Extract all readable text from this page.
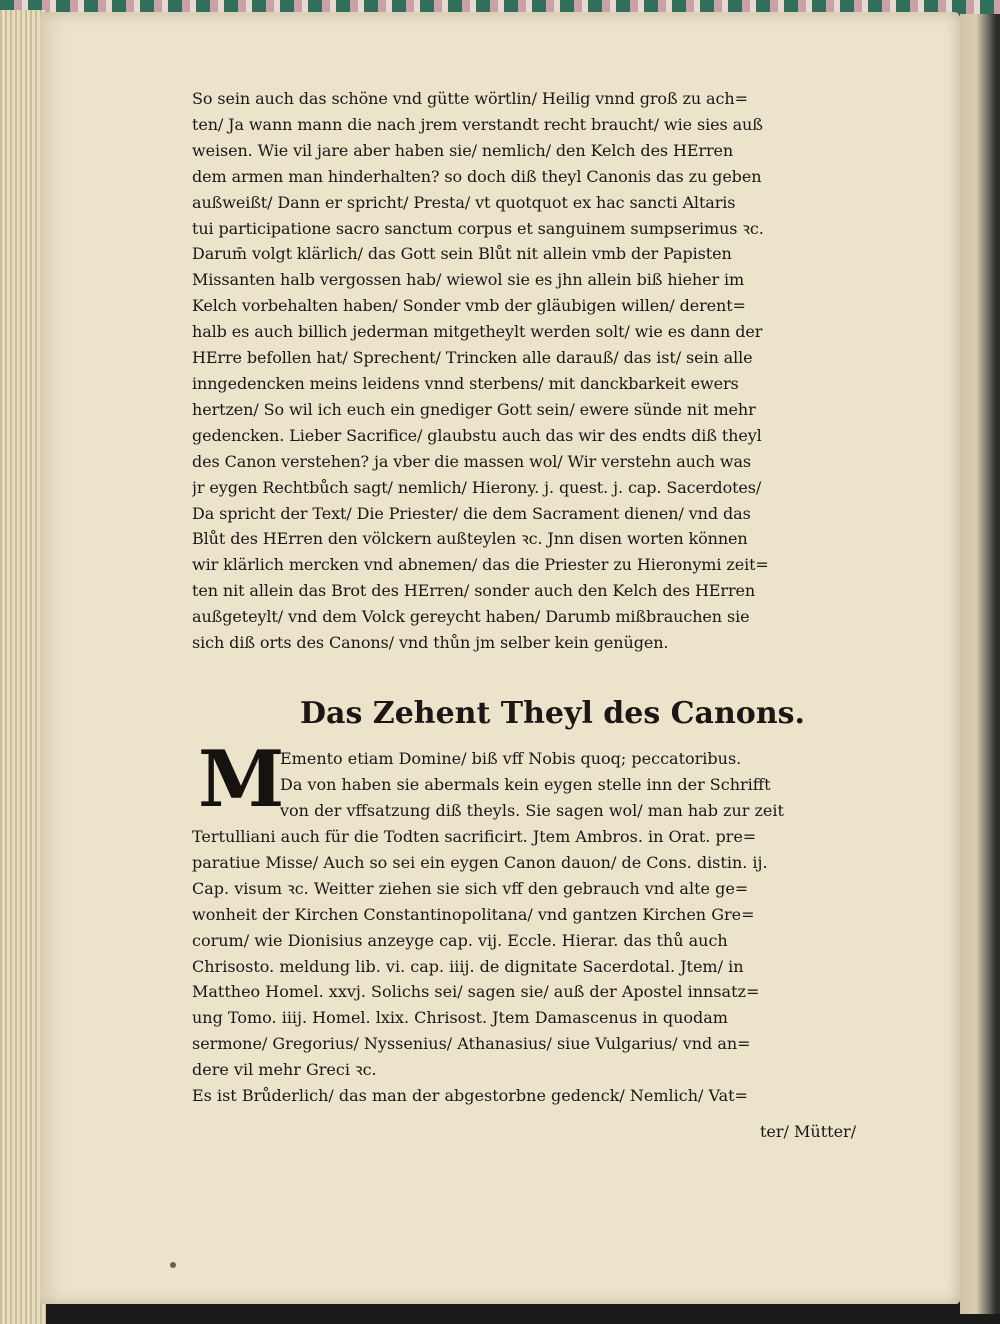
So sein auch das schöne vnd gütte wörtlin/ Heilig vnnd groß zu ach=
ten/ Ja wann mann die nach jrem verstandt recht braucht/ wie sies auß
weisen. Wie vil jare aber haben sie/ nemlich/ den Kelch des HErren
dem armen man hinderhalten? so doch diß theyl Canonis das zu geben
außweißt/ Dann er spricht/ Presta/ vt quotquot ex hac sancti Altaris
tui participatione sacro sanctum corpus et sanguinem sumpserimus ꝛc.
Darum̄ volgt klärlich/ das Gott sein Blůt nit allein vmb der Papisten
Missanten halb vergossen hab/ wiewol sie es jhn allein biß hieher im
Kelch vorbehalten haben/ Sonder vmb der gläubigen willen/ derent=
halb es auch billich jederman mitgetheylt werden solt/ wie es dann der
HErre befollen hat/ Sprechent/ Trincken alle darauß/ das ist/ sein alle
inngedencken meins leidens vnnd sterbens/ mit danckbarkeit ewers
hertzen/ So wil ich euch ein gnediger Gott sein/ ewere sünde nit mehr
gedencken. Lieber Sacrifice/ glaubstu auch das wir des endts diß theyl
des Canon verstehen? ja vber die massen wol/ Wir verstehn auch was
jr eygen Rechtbůch sagt/ nemlich/ Hierony. j. quest. j. cap. Sacerdotes/
Da spricht der Text/ Die Priester/ die dem Sacrament dienen/ vnd das
Blůt des HErren den völckern außteylen ꝛc. Jnn disen worten können
wir klärlich mercken vnd abnemen/ das die Priester zu Hieronymi zeit=
ten nit allein das Brot des HErren/ sonder auch den Kelch des HErren
außgeteylt/ vnd dem Volck gereycht haben/ Darumb mißbrauchen sie
sich diß orts des Canons/ vnd thůn jm selber kein genügen.
Das Zehent Theyl des Canons.
M
Emento etiam Domine/ biß vff Nobis quoq; peccatoribus.
Da von haben sie abermals kein eygen stelle inn der Schrifft
von der vffsatzung diß theyls. Sie sagen wol/ man hab zur zeit
Tertulliani auch für die Todten sacrificirt. Jtem Ambros. in Orat. pre=
paratiue Misse/ Auch so sei ein eygen Canon dauon/ de Cons. distin. ij.
Cap. visum ꝛc. Weitter ziehen sie sich vff den gebrauch vnd alte ge=
wonheit der Kirchen Constantinopolitana/ vnd gantzen Kirchen Gre=
corum/ wie Dionisius anzeyge cap. vij. Eccle. Hierar. das thů auch
Chrisosto. meldung lib. vi. cap. iiij. de dignitate Sacerdotal. Jtem/ in
Mattheo Homel. xxvj. Solichs sei/ sagen sie/ auß der Apostel innsatz=
ung Tomo. iiij. Homel. lxix. Chrisost. Jtem Damascenus in quodam
sermone/ Gregorius/ Nyssenius/ Athanasius/ siue Vulgarius/ vnd an=
dere vil mehr Greci ꝛc.
Es ist Brůderlich/ das man der abgestorbne gedenck/ Nemlich/ Vat=
ter/ Mütter/
